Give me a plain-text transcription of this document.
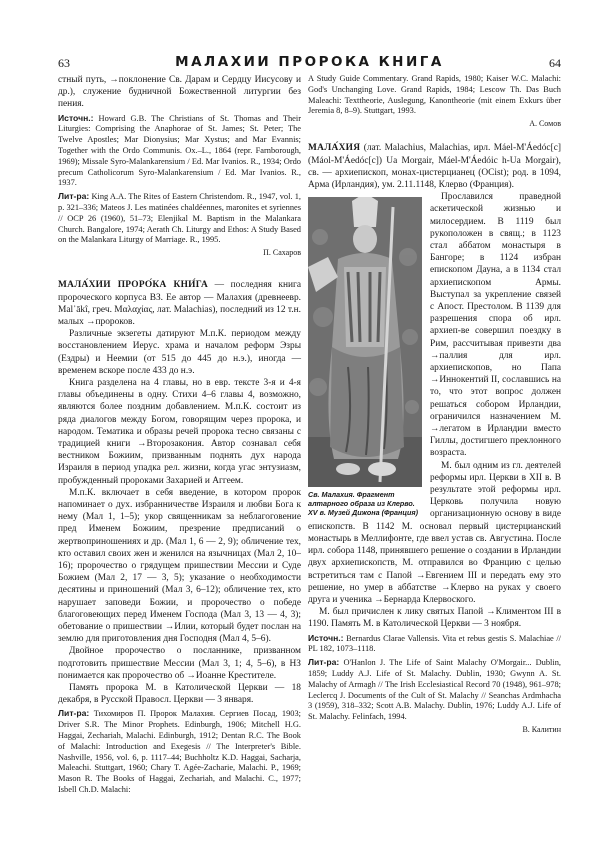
63	МАЛАХИИ ПРОРОКА КНИГА	64

стный путь, →поклонение Св. Дарам и Сердцу Иисусову и др.), служение будничной Божественной литургии без пения.

Источн.: Howard G.B. The Christians of St. Thomas and Their Liturgies: Comprising the Anaphorae of St. James; St. Peter; The Twelve Apostles; Mar Dionysius; Mar Xystus; and Mar Evannis; Together with the Ordo Communis. Ox.–L., 1864 (repr. Farnborough, 1969); Missale Syro-Malankarensium / Ed. Mar Ivanios. R., 1934; Ordo precum Catholicorum Syro-Malankarensium / Ed. Mar Ivanios. R., 1937.

Лит-ра: King A.A. The Rites of Eastern Christendom. R., 1947, vol. 1, p. 321–336; Mateos J. Les matinées chaldéennes, maronites et syriennes // OCP 26 (1960), 51–73; Elenjikal M. Baptism in the Malankara Church. Bangalore, 1974; Aerath Ch. Liturgy and Ethos: A Study Based on the Malankara Liturgy of Marriage. R., 1995.

П. Сахаров

МАЛА́ХИИ ПРОРО́КА КНИ́ГА — последняя книга пророческого корпуса ВЗ. Ее автор — Малахия (древнеевр. Mal᾽ākî, греч. Μαλαχίας, лат. Malachias), последний из 12 т.н. малых →пророков.

Различные экзегеты датируют М.п.К. периодом между восстановлением Иерус. храма и началом реформ Эзры (Ездры) и Неемии (от 515 до 445 до н.э.), иногда — временем вскоре после 433 до н.э.

Книга разделена на 4 главы, но в евр. тексте 3-я и 4-я главы объединены в одну. Стихи 4–6 главы 4, возможно, являются более поздним добавлением. М.п.К. состоит из ряда диалогов между Богом, говорящим через пророка, и народом. Тематика и образы речей пророка тесно связаны с традицией книги →Второзакония. Автор сознавал себя вестником Божиим, призванным поднять дух народа Израиля в период упадка рел. жизни, когда угас энтузиазм, пробужденный пророками Захарией и Аггеем.

М.п.К. включает в себя введение, в котором пророк напоминает о дух. избранничестве Израиля и любви Бога к нему (Мал 1, 1–5); укор священникам за неблагоговение пред Именем Божиим, презрение предписаний о жертвоприношениях и др. (Мал 1, 6 — 2, 9); обличение тех, кто оставил своих жен и женился на язычницах (Мал 2, 10–16); пророчество о грядущем пришествии Мессии и Суде Божием (Мал 2, 17 — 3, 5); указание о необходимости десятины и приношений (Мал 3, 6–12); обличение тех, кто нарушает заповеди Божии, и пророчество о победе благоговеющих перед Именем Господа (Мал 3, 13 — 4, 3); обетование о пришествии →Илии, который будет послан на землю для приготовления дня Господня (Мал 4, 5–6).

Двойное пророчество о посланнике, призванном подготовить пришествие Мессии (Мал 3, 1; 4, 5–6), в НЗ понимается как пророчество об →Иоанне Крестителе.

Память пророка М. в Католической Церкви — 18 декабря, в Русской Правосл. Церкви — 3 января.

Лит-ра: Тихомиров П. Пророк Малахия. Сергиев Посад, 1903; Driver S.R. The Minor Prophets. Edinburgh, 1906; Mitchell H.G. Haggai, Zechariah, Malachi. Edinburgh, 1912; Dentan R.C. The Book of Malachi: Introduction and Exegesis // The Interpreter's Bible. Nashville, 1956, vol. 6, p. 1117–44; Buchholtz K.D. Haggai, Sacharja, Maleachi. Stuttgart, 1960; Chary T. Agée-Zacharie, Malachi. P., 1969; Mason R. The Books of Haggai, Zechariah, and Malachi. C., 1977; Isbell Ch.D. Malachi:

A Study Guide Commentary. Grand Rapids, 1980; Kaiser W.C. Malachi: God's Unchanging Love. Grand Rapids, 1984; Lescow Th. Das Buch Maleachi: Texttheorie, Auslegung, Kanontheorie (mit einem Exkurs über Jeremia 8, 8–9). Stuttgart, 1993.

А. Сомов

МАЛА́ХИЯ (лат. Malachius, Malachias, ирл. Máel-M'Áedóc[c] (Máol-M'Áedóc[c]) Ua Morgair, Máel-M'Áedóic h-Ua Morgair), св. — архиепископ, монах-цистерцианец (OCist); род. в 1094, Арма (Ирландия), ум. 2.11.1148, Клерво (Франция).

Св. Малахия. Фрагмент алтарного образа из Клерво. XV в. Музей Дижона (Франция)

Прославился праведной аскетической жизнью и милосердием. В 1119 был рукоположен в свящ.; в 1123 стал аббатом монастыря в Бангоре; в 1124 избран епископом Дауна, а в 1134 стал архиепископом Армы. Выступал за укрепление связей с Апост. Престолом. В 1139 для разрешения спора об ирл. архиеп-ве совершил поездку в Рим, рассчитывая привезти два →паллия для ирл. архиепископов, но Папа →Иннокентий II, сославшись на то, что этот вопрос должен решаться собором Ирландии, ограничился назначением М. →легатом в Ирландии вместо Гиллы, достигшего преклонного возраста.

М. был одним из гл. деятелей реформы ирл. Церкви в XII в. В результате этой реформы ирл. Церковь получила новую организационную основу в виде епископств. В 1142 М. основал первый цистерцианский монастырь в Меллифонте, где ввел устав св. Августина. После ирл. собора 1148, принявшего решение о создании в Ирландии двух архиепископств, М. отправился во Францию с целью встретиться там с Папой →Евгением III и передать ему это решение, но умер в аббатстве →Клерво на руках у своего друга и ученика →Бернарда Клервоского.

М. был причислен к лику святых Папой →Климентом III в 1190. Память М. в Католической Церкви — 3 ноября.

Источн.: Bernardus Clarae Vallensis. Vita et rebus gestis S. Malachiae // PL 182, 1073–1118.

Лит-ра: O'Hanlon J. The Life of Saint Malachy O'Morgair... Dublin, 1859; Luddy A.J. Life of St. Malachy. Dublin, 1930; Gwynn A. St. Malachy of Armagh // The Irish Ecclesiastical Record 70 (1948), 961–978; Leclercq J. Documents of the Cult of St. Malachy // Seanchas Ardmhacha 3 (1959), 318–332; Scott A.B. Malachy. Dublin, 1976; Luddy A.J. Life of St. Malachy. Felinfach, 1994.

В. Калитин
